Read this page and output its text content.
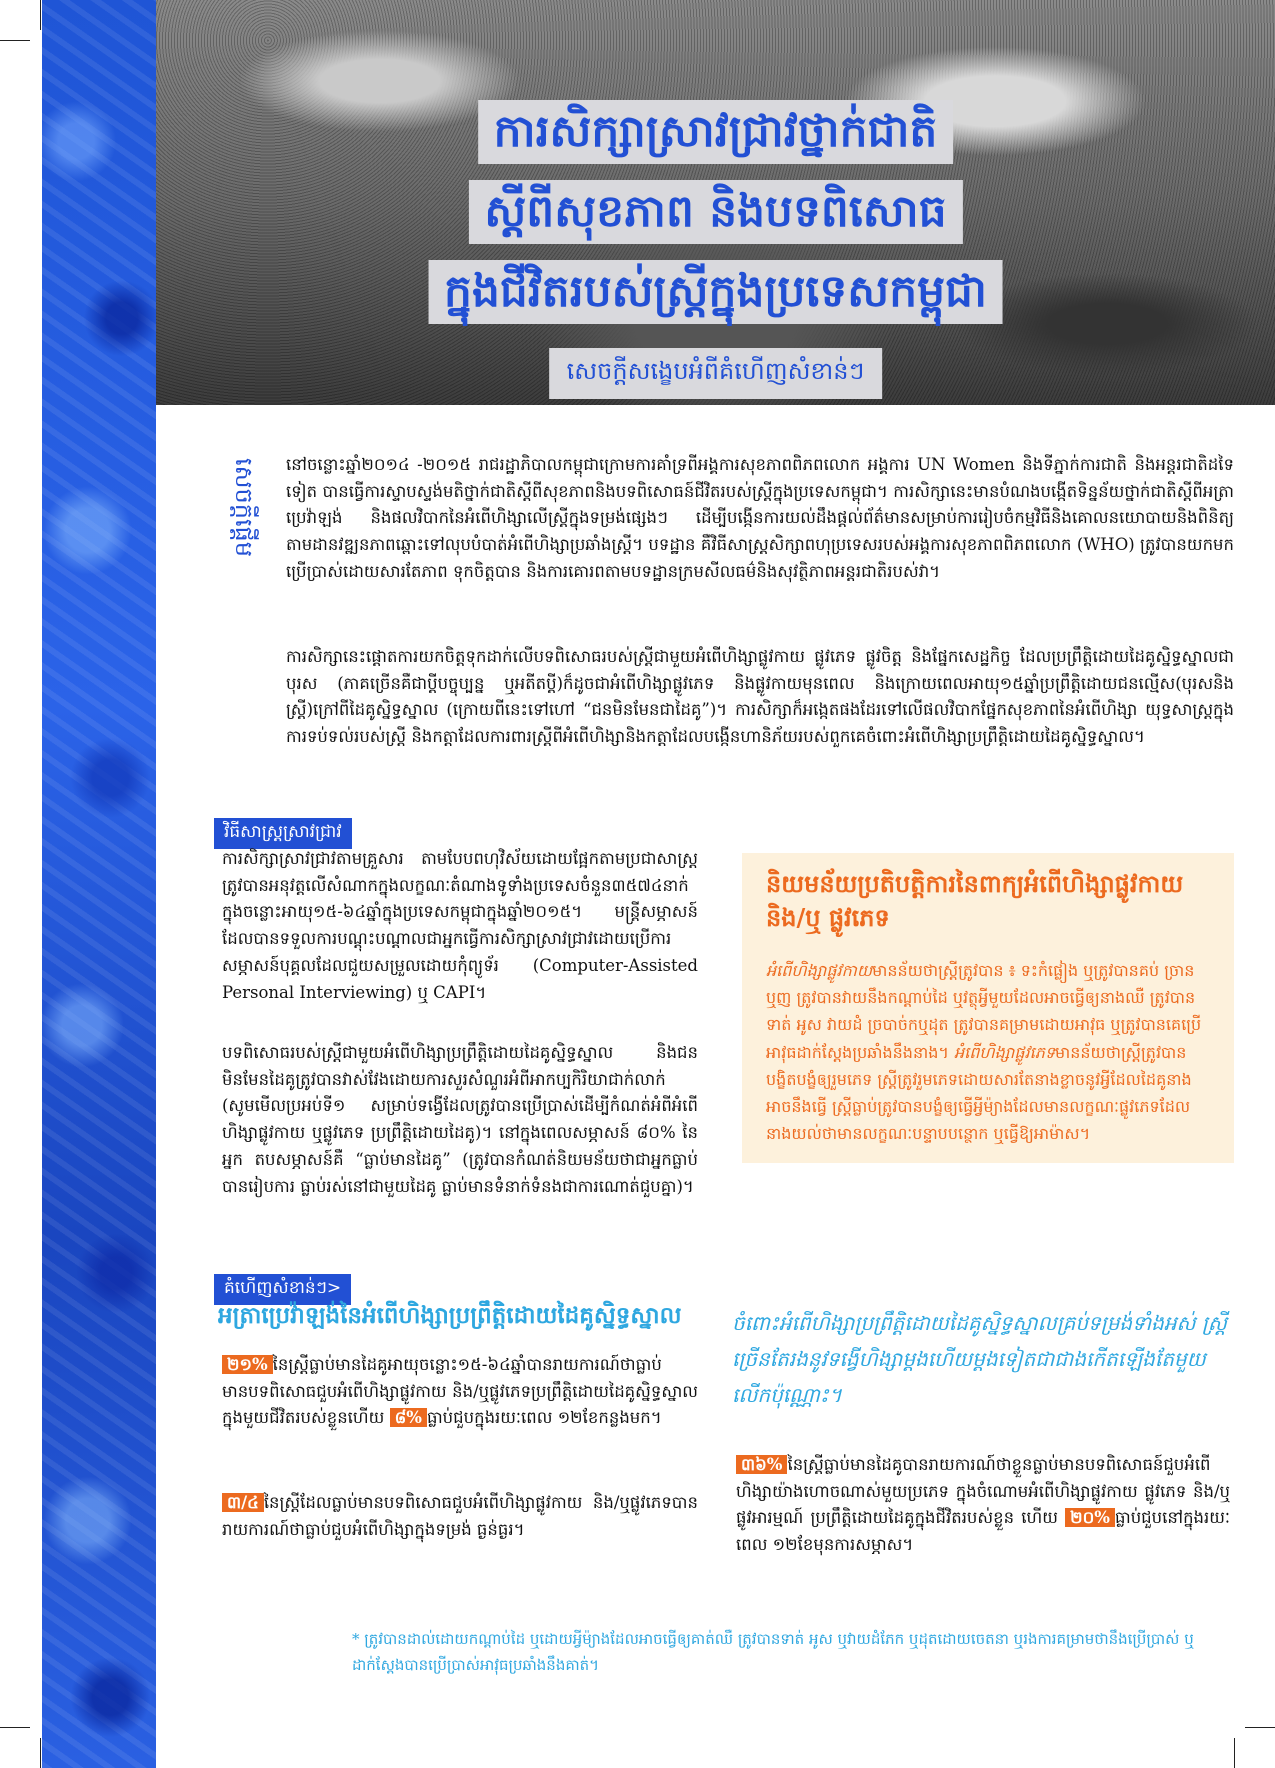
ការសិក្សាស្រាវជ្រាវថ្នាក់ជាតិ
ស្តីពីសុខភាព និងបទពិសោធ
ក្នុងជីវិតរបស់ស្ត្រីក្នុងប្រទេសកម្ពុជា
សេចក្តីសង្ខេបអំពីគំហើញសំខាន់ៗ
សេចក្តីផ្តើម នៅចន្លោះឆ្នាំ២០១៤ -២០១៥ រាជរដ្ឋាភិបាលកម្ពុជាក្រោមការគាំទ្រពីអង្គការសុខភាពពិភពលោក អង្គការ UN Women និងទីភ្នាក់ការជាតិ និងអន្តរជាតិដទៃទៀត បានធ្វើការស្ទាបស្ទង់មតិថ្នាក់ជាតិស្តីពីសុខភាពនិងបទពិសោធន៍ជីវិតរបស់ស្ត្រីក្នុងប្រទេសកម្ពុជា។ ការសិក្សានេះមានបំណងបង្កើតទិន្នន័យថ្នាក់ជាតិស្តីពីអត្រាប្រេវ៉ាឡង់ និងផលវិបាកនៃអំពើហិង្សាលើស្ត្រីក្នុងទម្រង់ផ្សេងៗ ដើម្បីបង្កើនការយល់ដឹងផ្តល់ព័ត៌មានសម្រាប់ការរៀបចំកម្មវិធីនិងគោលនយោបាយនិងពិនិត្យតាមដានវឌ្ឍនភាពឆ្ពោះទៅលុបបំបាត់អំពើហិង្សាប្រឆាំងស្ត្រី។ បទដ្ឋាន គឺវិធីសាស្ត្រសិក្សាពហុប្រទេសរបស់អង្គការសុខភាពពិភពលោក (WHO) ត្រូវបានយកមកប្រើប្រាស់ដោយសារតែភាព ទុកចិត្តបាន និងការគោរពតាមបទដ្ឋានក្រមសីលធម៌និងសុវត្ថិភាពអន្តរជាតិរបស់វា។
ការសិក្សានេះផ្តោតការយកចិត្តទុកដាក់លើបទពិសោធរបស់ស្ត្រីជាមួយអំពើហិង្សាផ្លូវកាយ ផ្លូវភេទ ផ្លូវចិត្ត និងផ្នែកសេដ្ឋកិច្ច ដែលប្រព្រឹត្តិដោយដៃគូស្និទ្ធស្នាលជាបុរស (ភាគច្រើនគឺជាប្តីបច្ចុប្បន្ន ឬអតីតប្តី)ក៏ដូចជាអំពើហិង្សាផ្លូវភេទ និងផ្លូវកាយមុនពេល និងក្រោយពេលអាយុ១៥ឆ្នាំប្រព្រឹត្តិដោយជនល្មើស(បុរសនិងស្ត្រី)ក្រៅពីដៃគូស្និទ្ធស្នាល (ក្រោយពីនេះទៅហៅ “ជនមិនមែនជាដៃគូ”)។ ការសិក្សាក៏អង្កេតផងដែរទៅលើផលវិបាកផ្នែកសុខភាពនៃអំពើហិង្សា យុទ្ធសាស្ត្រក្នុងការទប់ទល់របស់ស្ត្រី និងកត្តាដែលការពារស្ត្រីពីអំពើហិង្សានិងកត្តាដែលបង្កើនហានិភ័យរបស់ពួកគេចំពោះអំពើហិង្សាប្រព្រឹត្តិដោយដៃគូស្និទ្ធស្នាល។
វិធីសាស្ត្រស្រាវជ្រាវ
ការសិក្សាស្រាវជ្រាវតាមគ្រួសារ តាមបែបពហុវិស័យដោយផ្អែកតាមប្រជាសាស្ត្រត្រូវបានអនុវត្តលើសំណាកក្នុងលក្ខណៈតំណាងទូទាំងប្រទេសចំនួន៣៥៧៤នាក់ ក្នុងចន្លោះអាយុ១៥-៦៤ឆ្នាំក្នុងប្រទេសកម្ពុជាក្នុងឆ្នាំ២០១៥។ មន្ត្រីសម្ភាសន៍ដែលបានទទួលការបណ្តុះបណ្តាលជាអ្នកធ្វើការសិក្សាស្រាវជ្រាវដោយប្រើការសម្ភាសន៍បុគ្គលដែលជួយសម្រួលដោយកុំព្យូទ័រ (Computer-Assisted Personal Interviewing) ឬ CAPI។
បទពិសោធរបស់ស្ត្រីជាមួយអំពើហិង្សាប្រព្រឹត្តិដោយដៃគូស្និទ្ធស្នាល និងជនមិនមែនដៃគូត្រូវបានវាស់វែងដោយការសួរសំណួរអំពីអាកប្បកិរិយាជាក់លាក់ (សូមមើលប្រអប់ទី១ សម្រាប់ទង្វើដែលត្រូវបានប្រើប្រាស់ដើម្បីកំណត់អំពីអំពើហិង្សាផ្លូវកាយ ឬផ្លូវភេទ ប្រព្រឹត្តិដោយដៃគូ)។ នៅក្នុងពេលសម្ភាសន៍ ៨០% នៃអ្នក តបសម្ភាសន៍គឺ “ធ្លាប់មានដៃគូ” (ត្រូវបានកំណត់និយមន័យថាជាអ្នកធ្លាប់បានរៀបការ ធ្លាប់រស់នៅជាមួយដៃគូ ធ្លាប់មានទំនាក់ទំនងជាការណោត់ជួបគ្នា)។
និយមន័យប្រតិបត្តិការនៃពាក្យអំពើហិង្សាផ្លូវកាយ និង/ឬ ផ្លូវភេទ
អំពើហិង្សាផ្លូវកាយមានន័យថាស្ត្រីត្រូវបាន ៖ ទះកំផ្លៀង ឬត្រូវបានគប់ ច្រាន ឬញ ត្រូវបានវាយនឹងកណ្តាប់ដៃ ឬវត្ថុអ្វីមួយដែលអាចធ្វើឲ្យនាងឈឺ ត្រូវបានទាត់ អូស វាយដំ ច្របាច់កឬដុត ត្រូវបានគម្រាមដោយអាវុធ ឬត្រូវបានគេប្រើអាវុធដាក់ស្តែងប្រឆាំងនឹងនាង។ អំពើហិង្សាផ្លូវភេទមានន័យថាស្ត្រីត្រូវបានបង្ខិតបង្ខំឲ្យរួមភេទ ស្ត្រីត្រូវរួមភេទដោយសារតែនាងខ្លាចនូវអ្វីដែលដៃគូនាងអាចនឹងធ្វើ ស្ត្រីធ្លាប់ត្រូវបានបង្ខំឲ្យធ្វើអ្វីម៉្យាងដែលមានលក្ខណៈផ្លូវភេទដែលនាងយល់ថាមានលក្ខណៈបន្ទាបបន្ថោក ឬធ្វើឱ្យអាម៉ាស។
គំហើញសំខាន់ៗ>
អត្រាប្រេវ៉ាឡង់នៃអំពើហិង្សាប្រព្រឹត្តិដោយដៃគូស្និទ្ធស្នាល
២១% នៃស្ត្រីធ្លាប់មានដៃគូអាយុចន្លោះ១៥-៦៤ឆ្នាំបានរាយការណ៍ថាធ្លាប់មានបទពិសោធជួបអំពើហិង្សាផ្លូវកាយ និង/ឬផ្លូវភេទប្រព្រឹត្តិដោយដៃគូស្និទ្ធស្នាលក្នុងមួយជីវិតរបស់ខ្លួនហើយ ៨% ធ្លាប់ជួបក្នុងរយៈពេល ១២ខែកន្លងមក។
៣/៤ នៃស្ត្រីដែលធ្លាប់មានបទពិសោធជួបអំពើហិង្សាផ្លូវកាយ និង/ឬផ្លូវភេទបានរាយការណ៍ថាធ្លាប់ជួបអំពើហិង្សាក្នុងទម្រង់ ធ្ងន់ធ្ងរ។
ចំពោះអំពើហិង្សាប្រព្រឹត្តិដោយដៃគូស្និទ្ធស្នាលគ្រប់ទម្រង់ទាំងអស់ ស្ត្រីច្រើនតែរងនូវទង្វើហិង្សាម្តងហើយម្តងទៀតជាជាងកើតឡើងតែមួយលើកប៉ុណ្ណោះ។
៣៦% នៃស្ត្រីធ្លាប់មានដៃគូបានរាយការណ៍ថាខ្លួនធ្លាប់មានបទពិសោធន៍ជួបអំពើហិង្សាយ៉ាងហោចណាស់មួយប្រភេទ ក្នុងចំណោមអំពើហិង្សាផ្លូវកាយ ផ្លូវភេទ និង/ឬផ្លូវអារម្មណ៍ ប្រព្រឹត្តិដោយដៃគូក្នុងជីវិតរបស់ខ្លួន ហើយ ២០% ធ្លាប់ជួបនៅក្នុងរយៈពេល ១២ខែមុនការសម្ភាស។
* ត្រូវបានដាល់ដោយកណ្តាប់ដៃ ឬដោយអ្វីម៉្យាងដែលអាចធ្វើឲ្យគាត់ឈឺ ត្រូវបានទាត់ អូស ឬវាយដំភែក ឬដុតដោយចេតនា ឬរងការគម្រាមថានឹងប្រើប្រាស់ ឬដាក់ស្តែងបានប្រើប្រាស់អាវុធប្រឆាំងនឹងគាត់។
